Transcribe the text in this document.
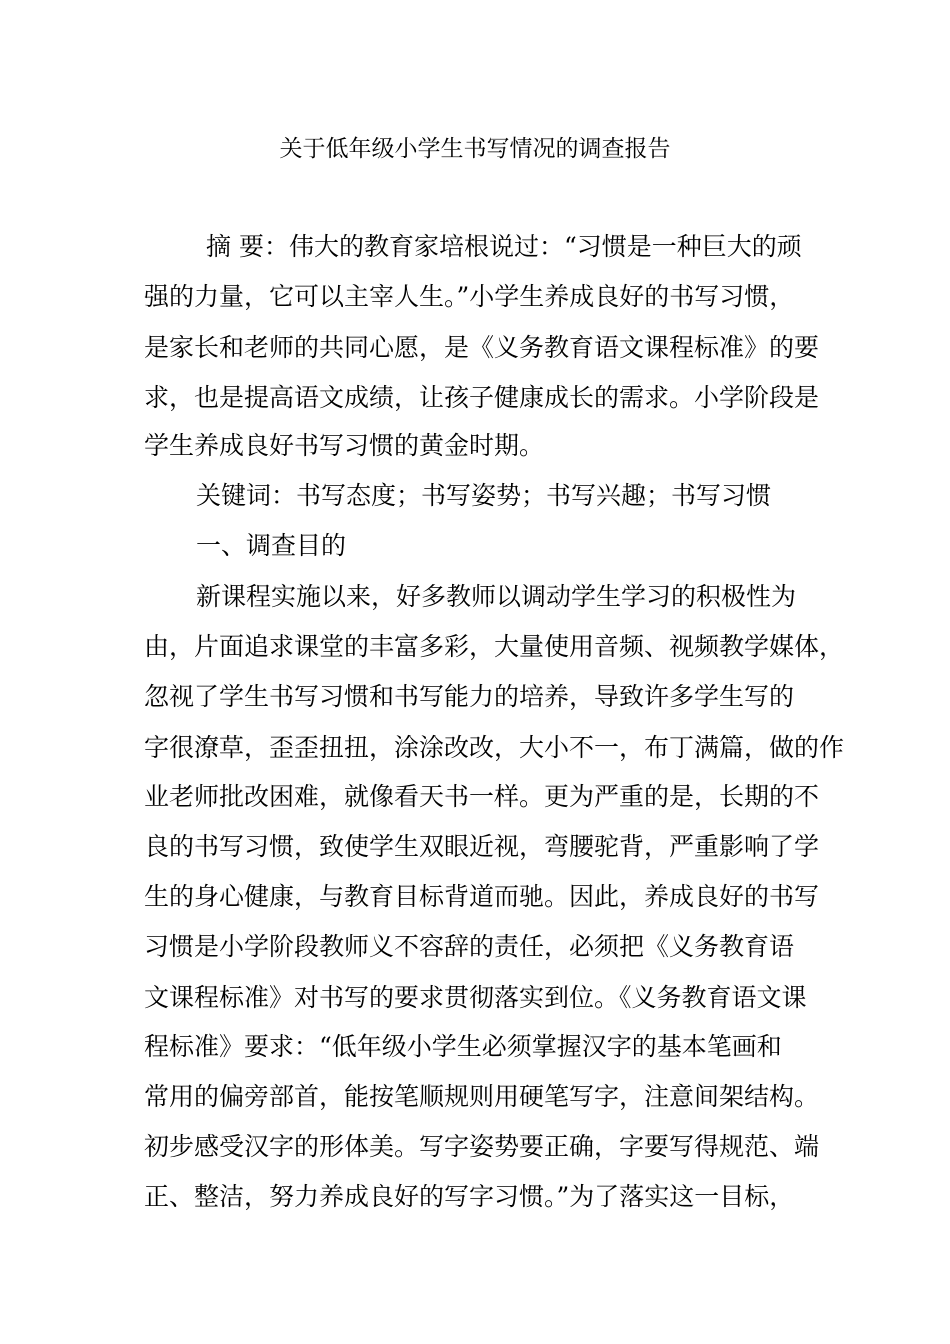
关于低年级小学生书写情况的调查报告
摘 要：伟大的教育家培根说过：“习惯是一种巨大的顽
强的力量，它可以主宰人生。”小学生养成良好的书写习惯，
是家长和老师的共同心愿，是《义务教育语文课程标准》的要
求，也是提高语文成绩，让孩子健康成长的需求。小学阶段是
学生养成良好书写习惯的黄金时期。
关键词：书写态度；书写姿势；书写兴趣；书写习惯
一、调查目的
新课程实施以来，好多教师以调动学生学习的积极性为
由，片面追求课堂的丰富多彩，大量使用音频、视频教学媒体，
忽视了学生书写习惯和书写能力的培养，导致许多学生写的
字很潦草，歪歪扭扭，涂涂改改，大小不一，布丁满篇，做的作
业老师批改困难，就像看天书一样。更为严重的是，长期的不
良的书写习惯，致使学生双眼近视，弯腰驼背，严重影响了学
生的身心健康，与教育目标背道而驰。因此，养成良好的书写
习惯是小学阶段教师义不容辞的责任，必须把《义务教育语
文课程标准》对书写的要求贯彻落实到位。《义务教育语文课
程标准》要求：“低年级小学生必须掌握汉字的基本笔画和
常用的偏旁部首，能按笔顺规则用硬笔写字，注意间架结构。
初步感受汉字的形体美。写字姿势要正确，字要写得规范、端
正、整洁，努力养成良好的写字习惯。”为了落实这一目标，
